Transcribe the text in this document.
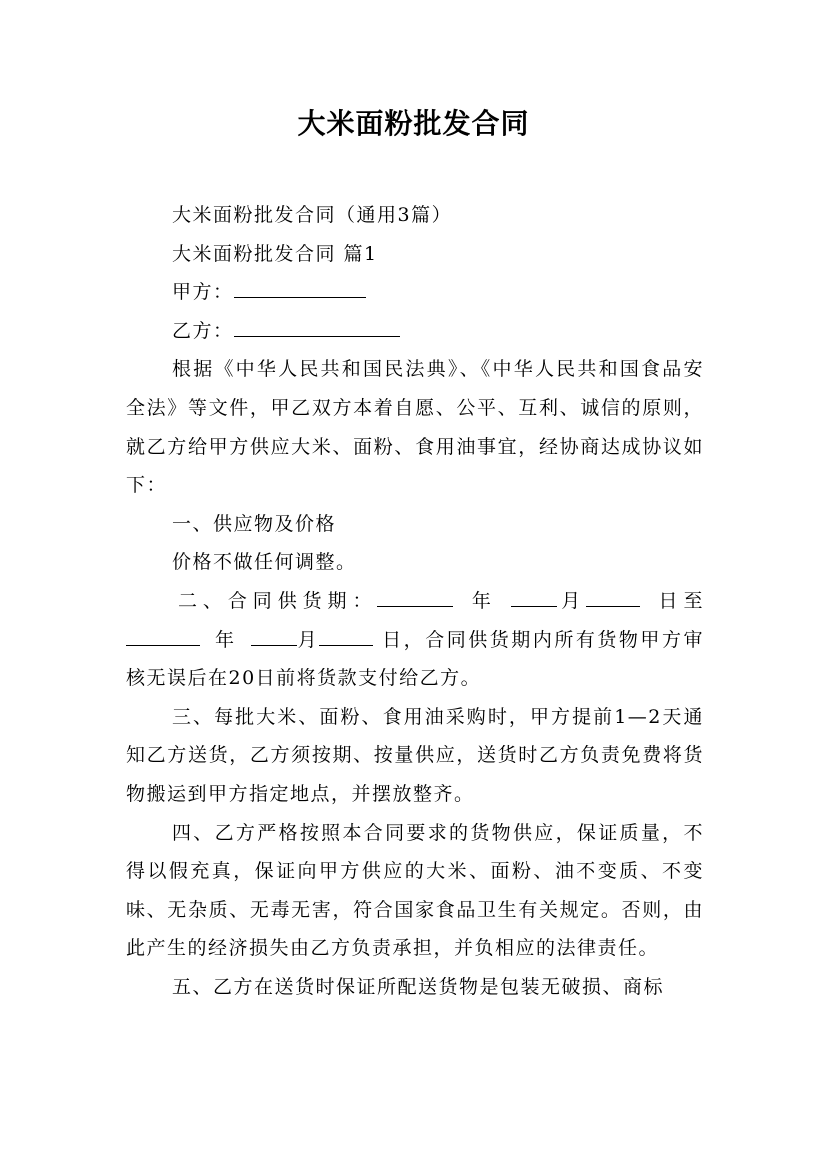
大米面粉批发合同

大米面粉批发合同（通用3篇）

大米面粉批发合同 篇1

甲方：

乙方：

根据《中华人民共和国民法典》、《中华人民共和国食品安全法》等文件，甲乙双方本着自愿、公平、互利、诚信的原则，就乙方给甲方供应大米、面粉、食用油事宜，经协商达成协议如下：

一、供应物及价格

价格不做任何调整。

二、合同供货期：	年	月	日至年	月	日，合同供货期内所有货物甲方审核无误后在20日前将货款支付给乙方。

三、每批大米、面粉、食用油采购时，甲方提前1—2天通知乙方送货，乙方须按期、按量供应，送货时乙方负责免费将货物搬运到甲方指定地点，并摆放整齐。

四、乙方严格按照本合同要求的货物供应，保证质量，不得以假充真，保证向甲方供应的大米、面粉、油不变质、不变味、无杂质、无毒无害，符合国家食品卫生有关规定。否则，由此产生的经济损失由乙方负责承担，并负相应的法律责任。

五、乙方在送货时保证所配送货物是包装无破损、商标
